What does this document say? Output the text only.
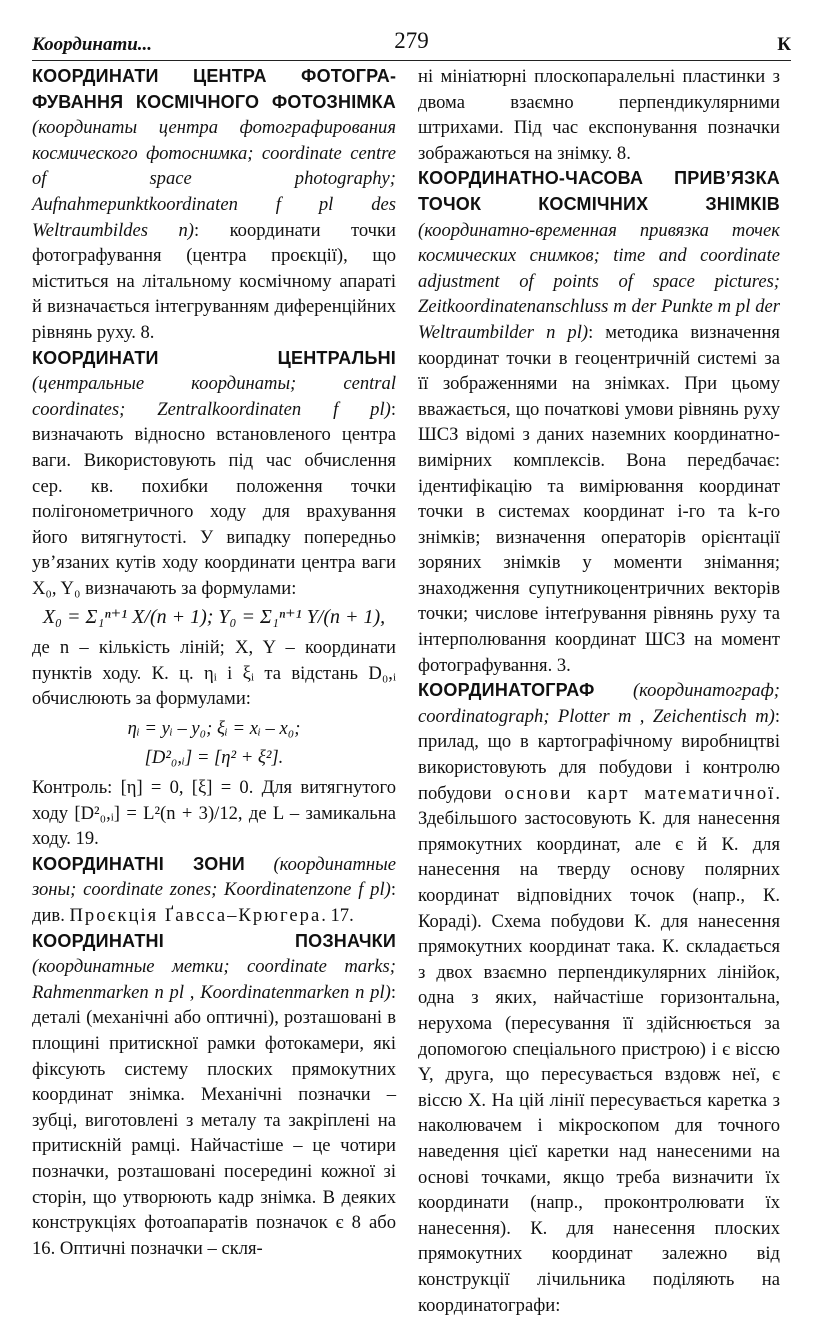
Координати...	279	К

КООРДИНАТИ ЦЕНТРА ФОТОГРАФУВАННЯ КОСМІЧНОГО ФОТОЗНІМКА (координаты центра фотографирования космического фотоснимка; coordinate centre of space photography; Aufnahmepunktkoordinaten f pl des Weltraumbildes n): координати точки фотографування (центра проєкції), що міститься на літальному космічному апараті й визначається інтегруванням диференційних рівнянь руху. 8.

КООРДИНАТИ ЦЕНТРАЛЬНІ (центральные координаты; central coordinates; Zentralkoordinaten f pl): визначають відносно встановленого центра ваги. Використовують під час обчислення сер. кв. похибки положення точки полігонометричного ходу для врахування його витягнутості. У випадку попередньо ув’язаних кутів ходу координати центра ваги X₀, Y₀ визначають за формулами:

X₀ = Σ₁ⁿ⁺¹ X/(n + 1); Y₀ = Σ₁ⁿ⁺¹ Y/(n + 1),

де n – кількість ліній; X, Y – координати пунктів ходу. К. ц. ηᵢ і ξᵢ та відстань D₀,ᵢ обчислюють за формулами:

ηᵢ = yᵢ – y₀; ξᵢ = xᵢ – x₀;
[D²₀,ᵢ] = [η² + ξ²].

Контроль: [η] = 0, [ξ] = 0. Для витягнутого ходу [D²₀,ᵢ] = L²(n + 3)/12, де L – замикальна ходу. 19.

КООРДИНАТНІ ЗОНИ (координатные зоны; coordinate zones; Koordinatenzone f pl): див. Проєкція Ґавсса–Крюгера. 17.

КООРДИНАТНІ ПОЗНАЧКИ (координатные метки; coordinate marks; Rahmenmarken n pl , Koordinatenmarken n pl): деталі (механічні або оптичні), розташовані в площині притискної рамки фотокамери, які фіксують систему плоских прямокутних координат знімка. Механічні позначки – зубці, виготовлені з металу та закріплені на притискній рамці. Найчастіше – це чотири позначки, розташовані посередині кожної зі сторін, що утворюють кадр знімка. В деяких конструкціях фотоапаратів позначок є 8 або 16. Оптичні позначки – скля-

ні мініатюрні плоскопаралельні пластинки з двома взаємно перпендикулярними штрихами. Під час експонування позначки зображаються на знімку. 8.

КООРДИНАТНО-ЧАСОВА ПРИВ’ЯЗКА ТОЧОК КОСМІЧНИХ ЗНІМКІВ (координатно-временная привязка точек космических снимков; time and coordinate adjustment of points of space pictures; Zeitkoordinatenanschluss m der Punkte m pl der Weltraumbilder n pl): методика визначення координат точки в геоцентричній системі за її зображеннями на знімках. При цьому вважається, що початкові умови рівнянь руху ШСЗ відомі з даних наземних координатно-вимірних комплексів. Вона передбачає: ідентифікацію та вимірювання координат точки в системах координат i-го та k-го знімків; визначення операторів орієнтації зоряних знімків у моменти знімання; знаходження супутникоцентричних векторів точки; числове інтеґрування рівнянь руху та інтерполювання координат ШСЗ на момент фотографування. 3.

КООРДИНАТОГРАФ (координатограф; coordinatograph; Plotter m , Zeichentisch m): прилад, що в картографічному виробництві використовують для побудови і контролю побудови основи карт математичної. Здебільшого застосовують К. для нанесення прямокутних координат, але є й К. для нанесення на тверду основу полярних координат відповідних точок (напр., К. Кораді). Схема побудови К. для нанесення прямокутних координат така. К. складається з двох взаємно перпендикулярних лінійок, одна з яких, найчастіше горизонтальна, нерухома (пересування її здійснюється за допомогою спеціального пристрою) і є віссю Y, друга, що пересувається вздовж неї, є віссю X. На цій лінії пересувається каретка з наколювачем і мікроскопом для точного наведення цієї каретки над нанесеними на основі точками, якщо треба визначити їх координати (напр., проконтролювати їх нанесення). К. для нанесення плоских прямокутних координат залежно від конструкції лічильника поділяють на координатографи:
